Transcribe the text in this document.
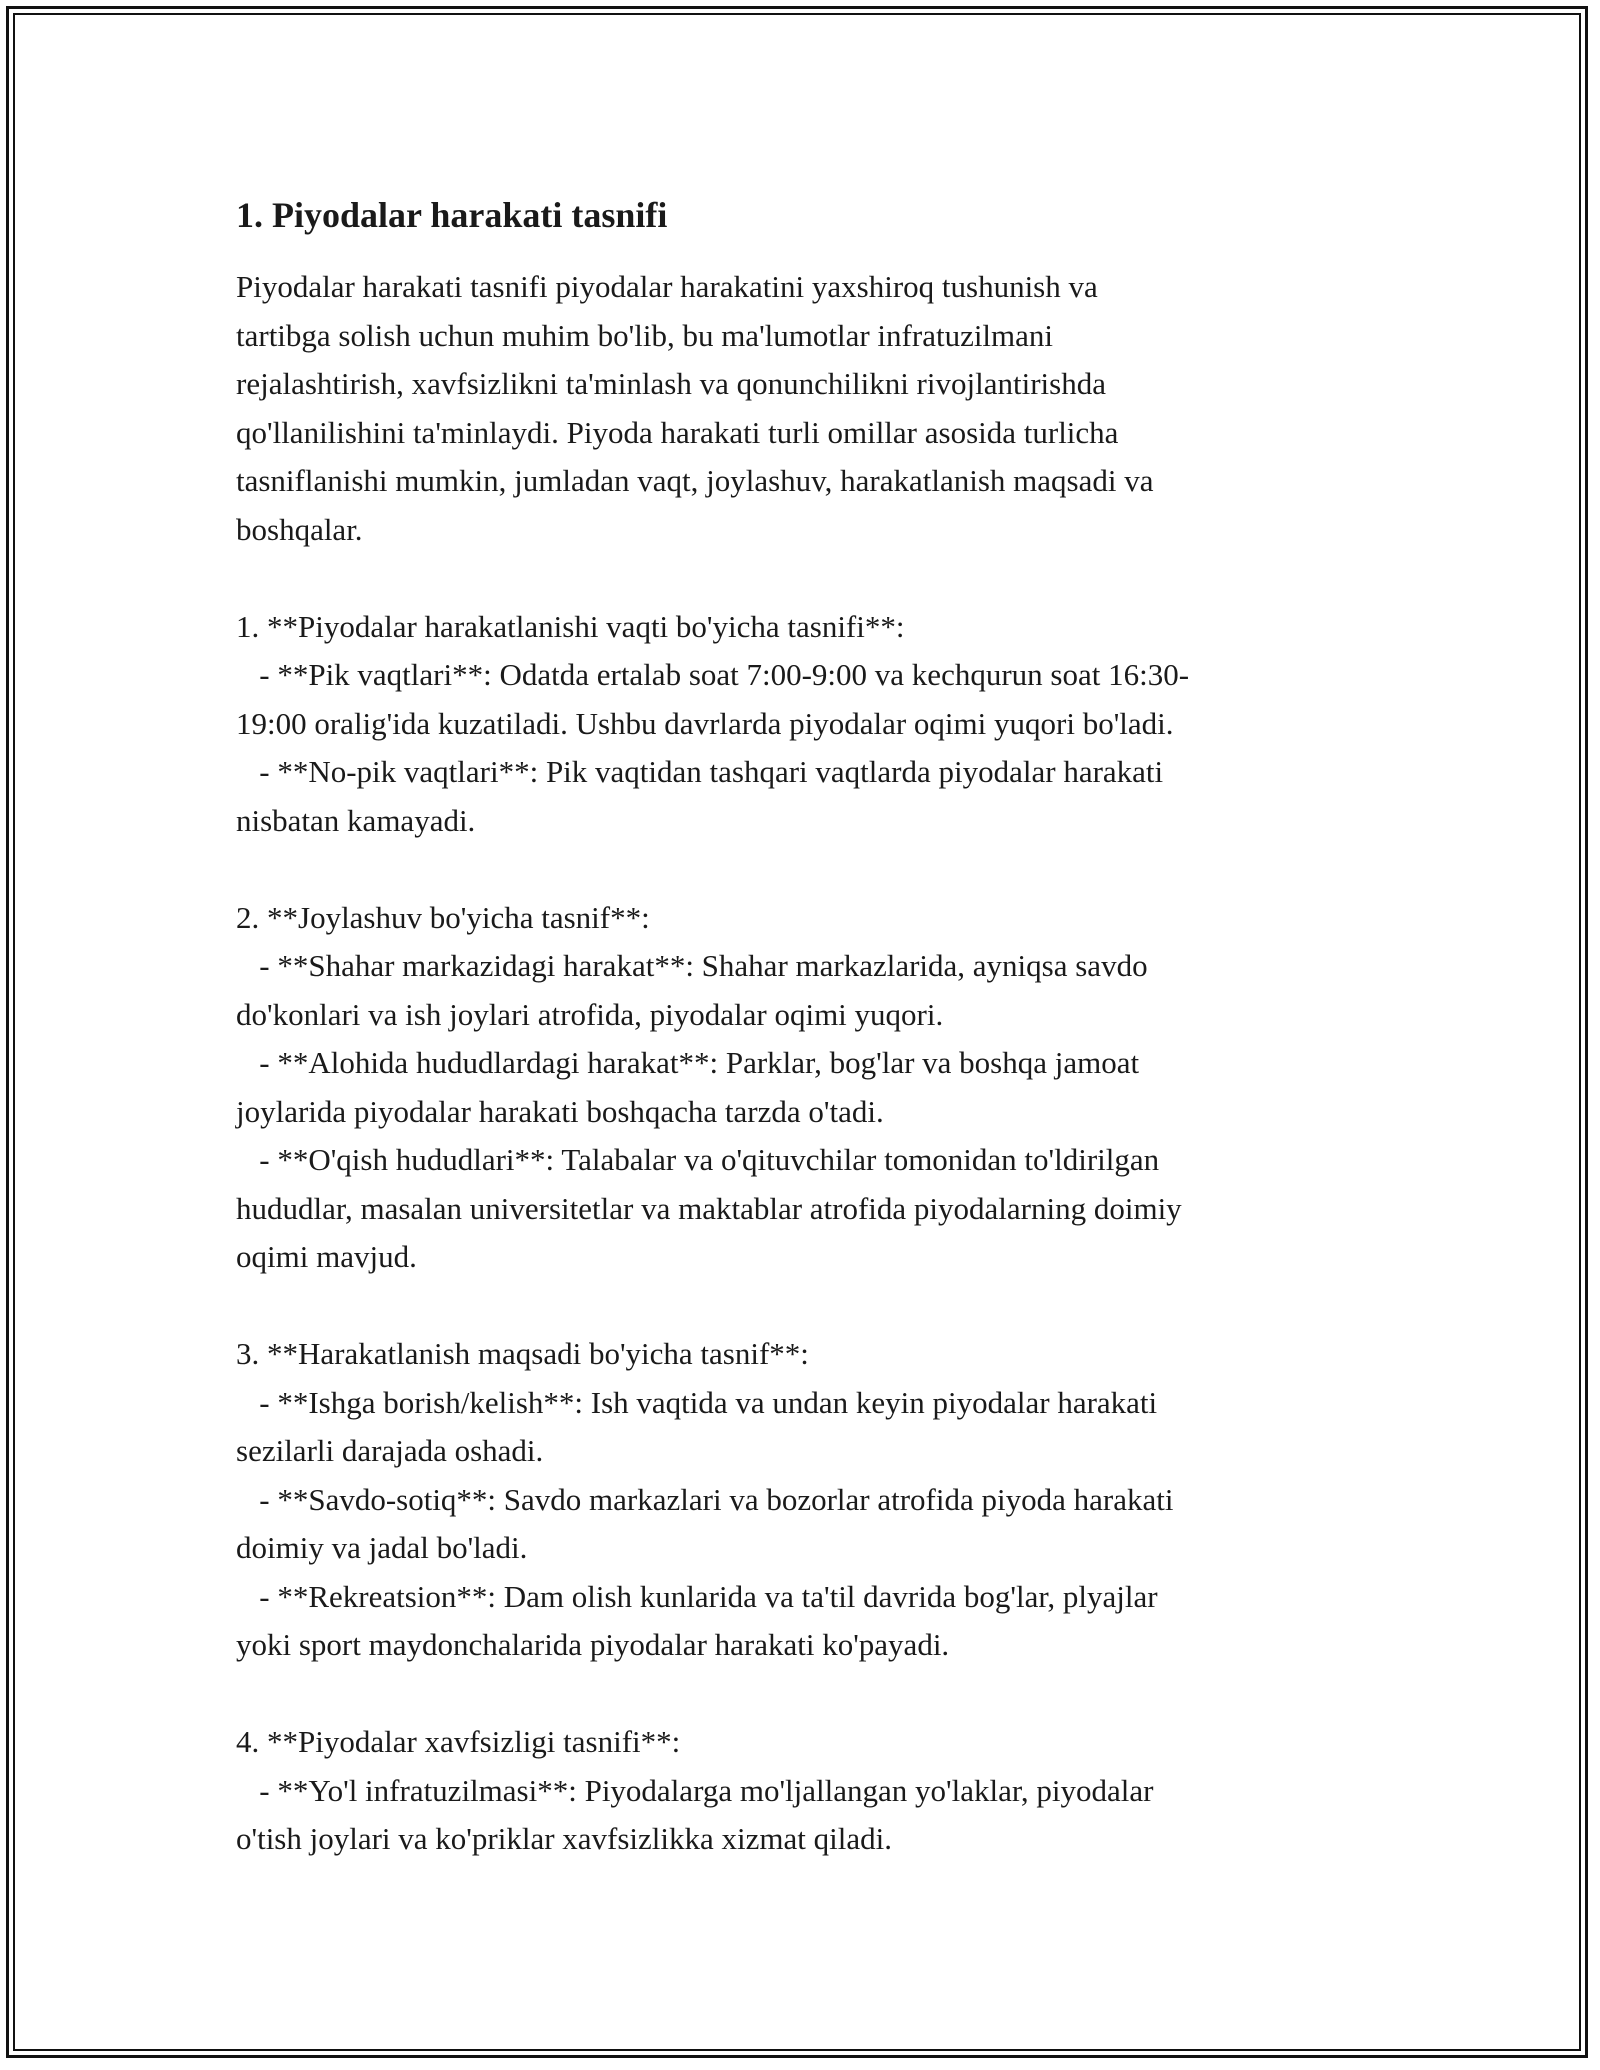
1. Piyodalar harakati tasnifi
Piyodalar harakati tasnifi piyodalar harakatini yaxshiroq tushunish va
tartibga solish uchun muhim bo'lib, bu ma'lumotlar infratuzilmani
rejalashtirish, xavfsizlikni ta'minlash va qonunchilikni rivojlantirishda
qo'llanilishini ta'minlaydi. Piyoda harakati turli omillar asosida turlicha
tasniflanishi mumkin, jumladan vaqt, joylashuv, harakatlanish maqsadi va
boshqalar.
1. **Piyodalar harakatlanishi vaqti bo'yicha tasnifi**:
- **Pik vaqtlari**: Odatda ertalab soat 7:00-9:00 va kechqurun soat 16:30-
19:00 oralig'ida kuzatiladi. Ushbu davrlarda piyodalar oqimi yuqori bo'ladi.
- **No-pik vaqtlari**: Pik vaqtidan tashqari vaqtlarda piyodalar harakati
nisbatan kamayadi.
2. **Joylashuv bo'yicha tasnif**:
- **Shahar markazidagi harakat**: Shahar markazlarida, ayniqsa savdo
do'konlari va ish joylari atrofida, piyodalar oqimi yuqori.
- **Alohida hududlardagi harakat**: Parklar, bog'lar va boshqa jamoat
joylarida piyodalar harakati boshqacha tarzda o'tadi.
- **O'qish hududlari**: Talabalar va o'qituvchilar tomonidan to'ldirilgan
hududlar, masalan universitetlar va maktablar atrofida piyodalarning doimiy
oqimi mavjud.
3. **Harakatlanish maqsadi bo'yicha tasnif**:
- **Ishga borish/kelish**: Ish vaqtida va undan keyin piyodalar harakati
sezilarli darajada oshadi.
- **Savdo-sotiq**: Savdo markazlari va bozorlar atrofida piyoda harakati
doimiy va jadal bo'ladi.
- **Rekreatsion**: Dam olish kunlarida va ta'til davrida bog'lar, plyajlar
yoki sport maydonchalarida piyodalar harakati ko'payadi.
4. **Piyodalar xavfsizligi tasnifi**:
- **Yo'l infratuzilmasi**: Piyodalarga mo'ljallangan yo'laklar, piyodalar
o'tish joylari va ko'priklar xavfsizlikka xizmat qiladi.
